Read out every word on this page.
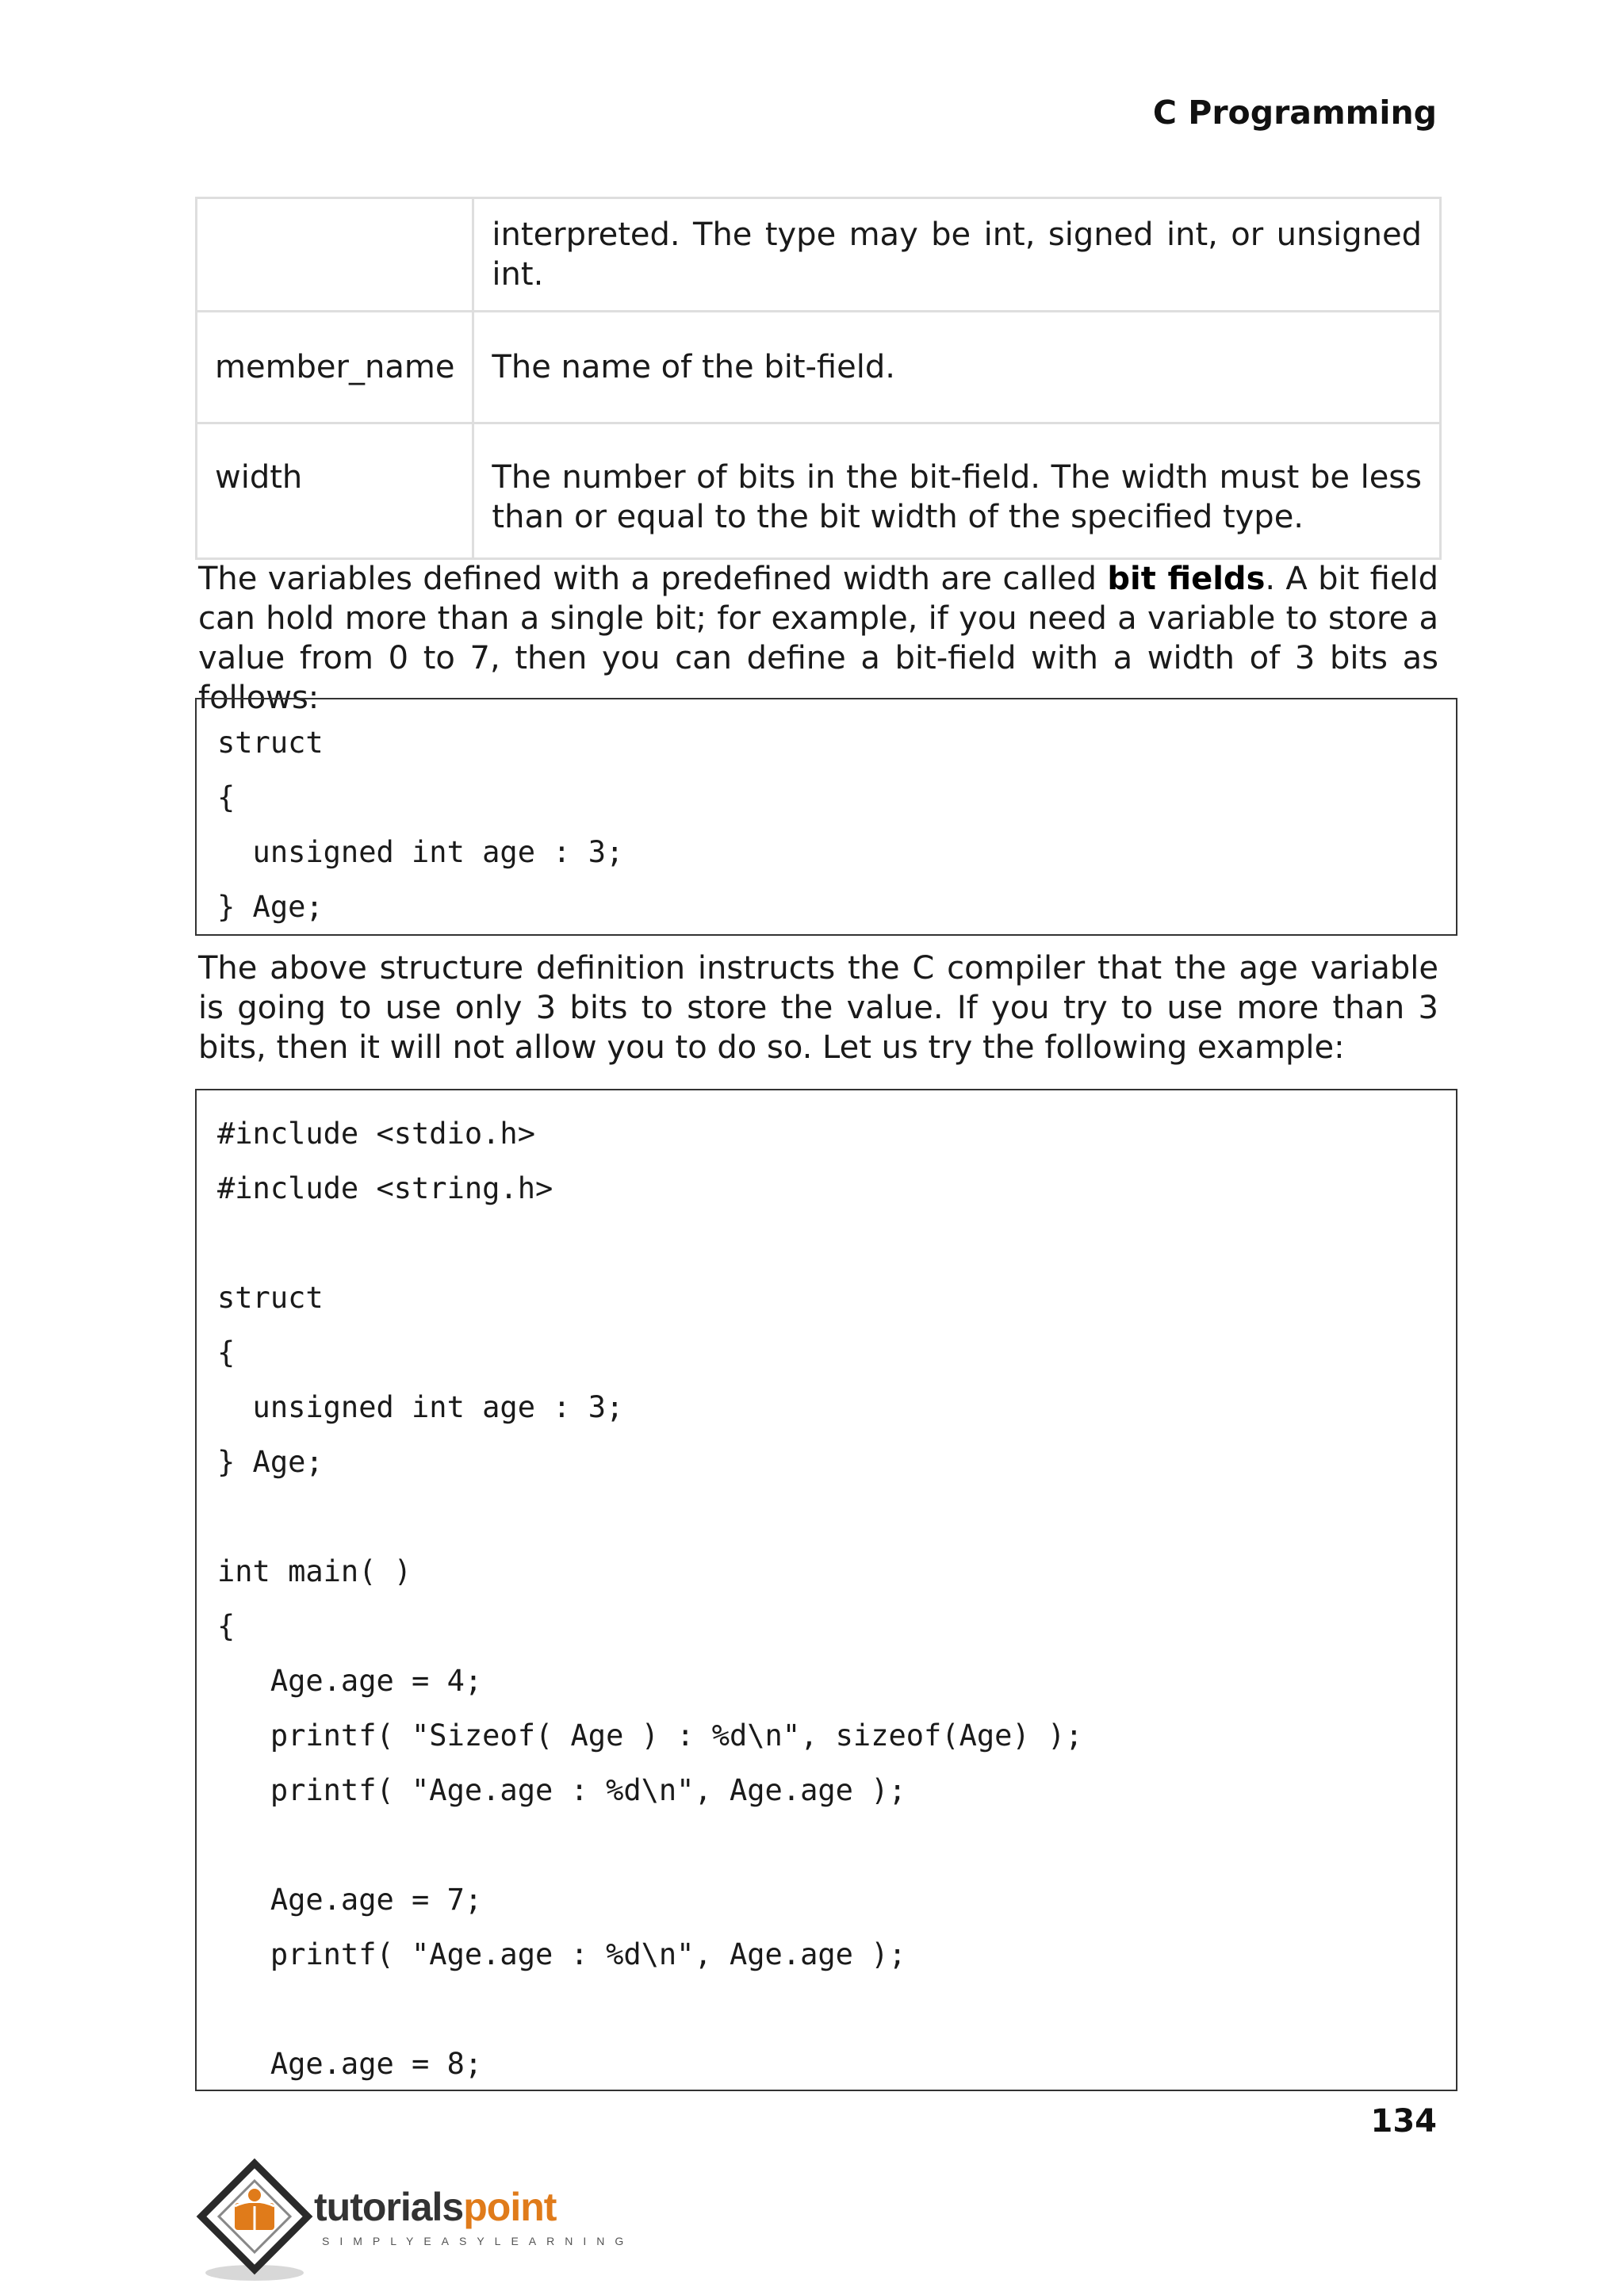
C Programming
	interpreted. The type may be int, signed int, or unsigned int.
member_name	The name of the bit-field.
width	The number of bits in the bit-field. The width must be less than or equal to the bit width of the specified type.
The variables defined with a predefined width are called bit fields. A bit field can hold more than a single bit; for example, if you need a variable to store a value from 0 to 7, then you can define a bit-field with a width of 3 bits as follows:
struct
{
unsigned int age : 3;
} Age;
The above structure definition instructs the C compiler that the age variable is going to use only 3 bits to store the value. If you try to use more than 3 bits, then it will not allow you to do so. Let us try the following example:
#include <stdio.h>
#include <string.h>
struct
{
unsigned int age : 3;
} Age;
int main( )
{
Age.age = 4;
printf( "Sizeof( Age ) : %d\n", sizeof(Age) );
printf( "Age.age : %d\n", Age.age );
Age.age = 7;
printf( "Age.age : %d\n", Age.age );
Age.age = 8;
134
tutorialspoint
SIMPLYEASYLEARNING
